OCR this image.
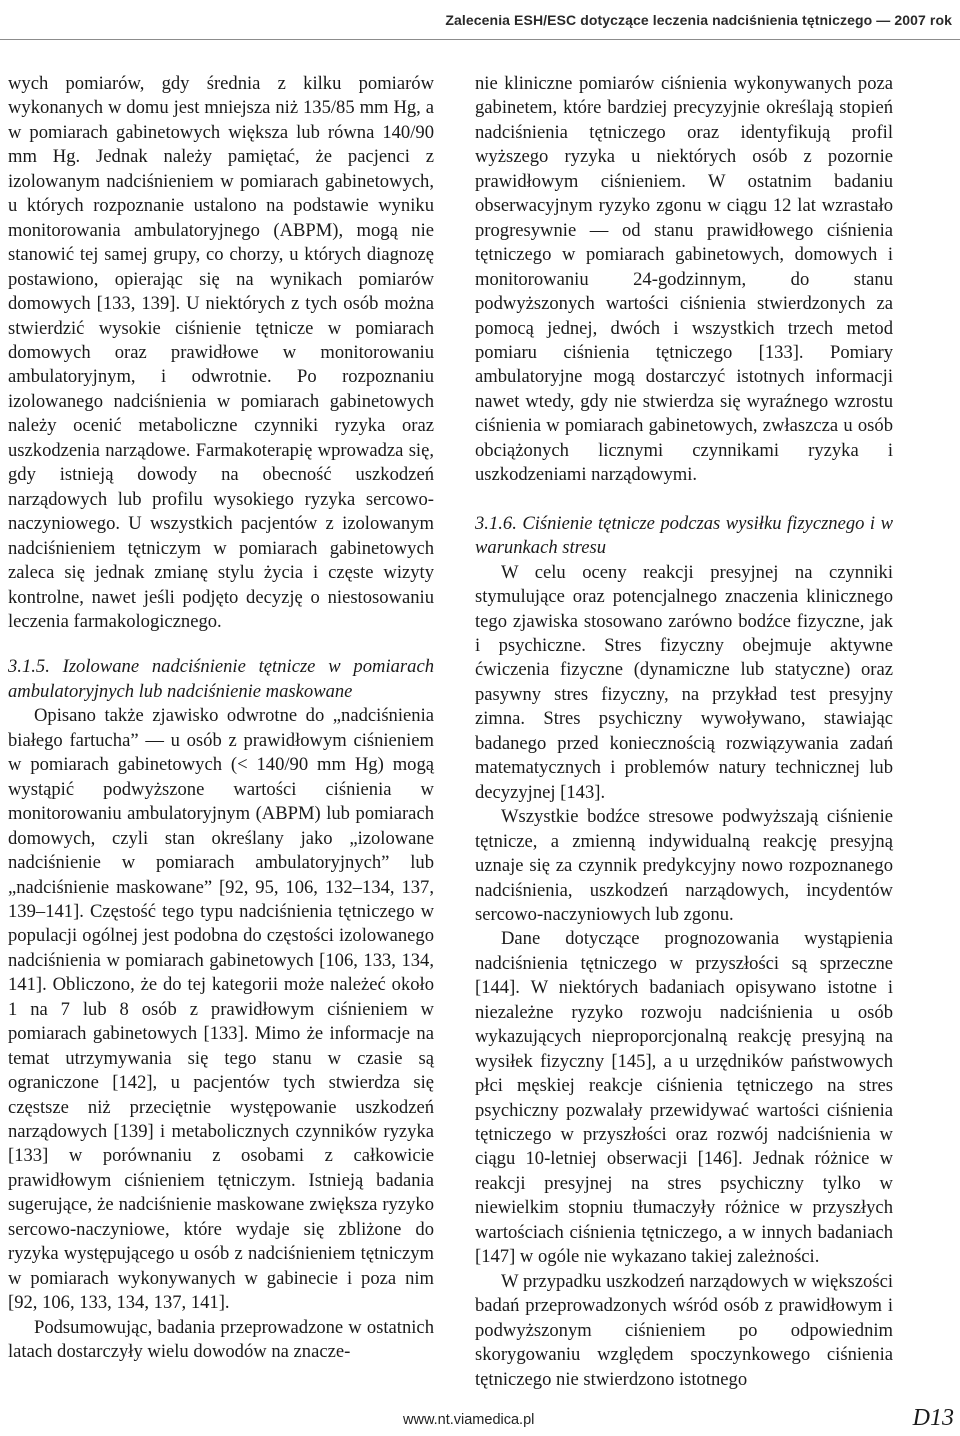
Zalecenia ESH/ESC dotyczące leczenia nadciśnienia tętniczego — 2007 rok

wych pomiarów, gdy średnia z kilku pomiarów wykonanych w domu jest mniejsza niż 135/85 mm Hg, a w pomiarach gabinetowych większa lub równa 140/90 mm Hg. Jednak należy pamiętać, że pacjenci z izolowanym nadciśnieniem w pomiarach gabinetowych, u których rozpoznanie ustalono na podstawie wyniku monitorowania ambulatoryjnego (ABPM), mogą nie stanowić tej samej grupy, co chorzy, u których diagnozę postawiono, opierając się na wynikach pomiarów domowych [133, 139]. U niektórych z tych osób można stwierdzić wysokie ciśnienie tętnicze w pomiarach domowych oraz prawidłowe w monitorowaniu ambulatoryjnym, i odwrotnie. Po rozpoznaniu izolowanego nadciśnienia w pomiarach gabinetowych należy ocenić metaboliczne czynniki ryzyka oraz uszkodzenia narządowe. Farmakoterapię wprowadza się, gdy istnieją dowody na obecność uszkodzeń narządowych lub profilu wysokiego ryzyka sercowo-naczyniowego. U wszystkich pacjentów z izolowanym nadciśnieniem tętniczym w pomiarach gabinetowych zaleca się jednak zmianę stylu życia i częste wizyty kontrolne, nawet jeśli podjęto decyzję o niestosowaniu leczenia farmakologicznego.

3.1.5. Izolowane nadciśnienie tętnicze w pomiarach ambulatoryjnych lub nadciśnienie maskowane

Opisano także zjawisko odwrotne do „nadciśnienia białego fartucha” — u osób z prawidłowym ciśnieniem w pomiarach gabinetowych (< 140/90 mm Hg) mogą wystąpić podwyższone wartości ciśnienia w monitorowaniu ambulatoryjnym (ABPM) lub pomiarach domowych, czyli stan określany jako „izolowane nadciśnienie w pomiarach ambulatoryjnych” lub „nadciśnienie maskowane” [92, 95, 106, 132–134, 137, 139–141]. Częstość tego typu nadciśnienia tętniczego w populacji ogólnej jest podobna do częstości izolowanego nadciśnienia w pomiarach gabinetowych [106, 133, 134, 141]. Obliczono, że do tej kategorii może należeć około 1 na 7 lub 8 osób z prawidłowym ciśnieniem w pomiarach gabinetowych [133]. Mimo że informacje na temat utrzymywania się tego stanu w czasie są ograniczone [142], u pacjentów tych stwierdza się częstsze niż przeciętnie występowanie uszkodzeń narządowych [139] i metabolicznych czynników ryzyka [133] w porównaniu z osobami z całkowicie prawidłowym ciśnieniem tętniczym. Istnieją badania sugerujące, że nadciśnienie maskowane zwiększa ryzyko sercowo-naczyniowe, które wydaje się zbliżone do ryzyka występującego u osób z nadciśnieniem tętniczym w pomiarach wykonywanych w gabinecie i poza nim [92, 106, 133, 134, 137, 141].

Podsumowując, badania przeprowadzone w ostatnich latach dostarczyły wielu dowodów na znacze-

nie kliniczne pomiarów ciśnienia wykonywanych poza gabinetem, które bardziej precyzyjnie określają stopień nadciśnienia tętniczego oraz identyfikują profil wyższego ryzyka u niektórych osób z pozornie prawidłowym ciśnieniem. W ostatnim badaniu obserwacyjnym ryzyko zgonu w ciągu 12 lat wzrastało progresywnie — od stanu prawidłowego ciśnienia tętniczego w pomiarach gabinetowych, domowych i monitorowaniu 24-godzinnym, do stanu podwyższonych wartości ciśnienia stwierdzonych za pomocą jednej, dwóch i wszystkich trzech metod pomiaru ciśnienia tętniczego [133]. Pomiary ambulatoryjne mogą dostarczyć istotnych informacji nawet wtedy, gdy nie stwierdza się wyraźnego wzrostu ciśnienia w pomiarach gabinetowych, zwłaszcza u osób obciążonych licznymi czynnikami ryzyka i uszkodzeniami narządowymi.

3.1.6. Ciśnienie tętnicze podczas wysiłku fizycznego i w warunkach stresu

W celu oceny reakcji presyjnej na czynniki stymulujące oraz potencjalnego znaczenia klinicznego tego zjawiska stosowano zarówno bodźce fizyczne, jak i psychiczne. Stres fizyczny obejmuje aktywne ćwiczenia fizyczne (dynamiczne lub statyczne) oraz pasywny stres fizyczny, na przykład test presyjny zimna. Stres psychiczny wywoływano, stawiając badanego przed koniecznością rozwiązywania zadań matematycznych i problemów natury technicznej lub decyzyjnej [143].

Wszystkie bodźce stresowe podwyższają ciśnienie tętnicze, a zmienną indywidualną reakcję presyjną uznaje się za czynnik predykcyjny nowo rozpoznanego nadciśnienia, uszkodzeń narządowych, incydentów sercowo-naczyniowych lub zgonu.

Dane dotyczące prognozowania wystąpienia nadciśnienia tętniczego w przyszłości są sprzeczne [144]. W niektórych badaniach opisywano istotne i niezależne ryzyko rozwoju nadciśnienia u osób wykazujących nieproporcjonalną reakcję presyjną na wysiłek fizyczny [145], a u urzędników państwowych płci męskiej reakcje ciśnienia tętniczego na stres psychiczny pozwalały przewidywać wartości ciśnienia tętniczego w przyszłości oraz rozwój nadciśnienia w ciągu 10-letniej obserwacji [146]. Jednak różnice w reakcji presyjnej na stres psychiczny tylko w niewielkim stopniu tłumaczyły różnice w przyszłych wartościach ciśnienia tętniczego, a w innych badaniach [147] w ogóle nie wykazano takiej zależności.

W przypadku uszkodzeń narządowych w większości badań przeprowadzonych wśród osób z prawidłowym i podwyższonym ciśnieniem po odpowiednim skorygowaniu względem spoczynkowego ciśnienia tętniczego nie stwierdzono istotnego

www.nt.viamedica.pl	D13
